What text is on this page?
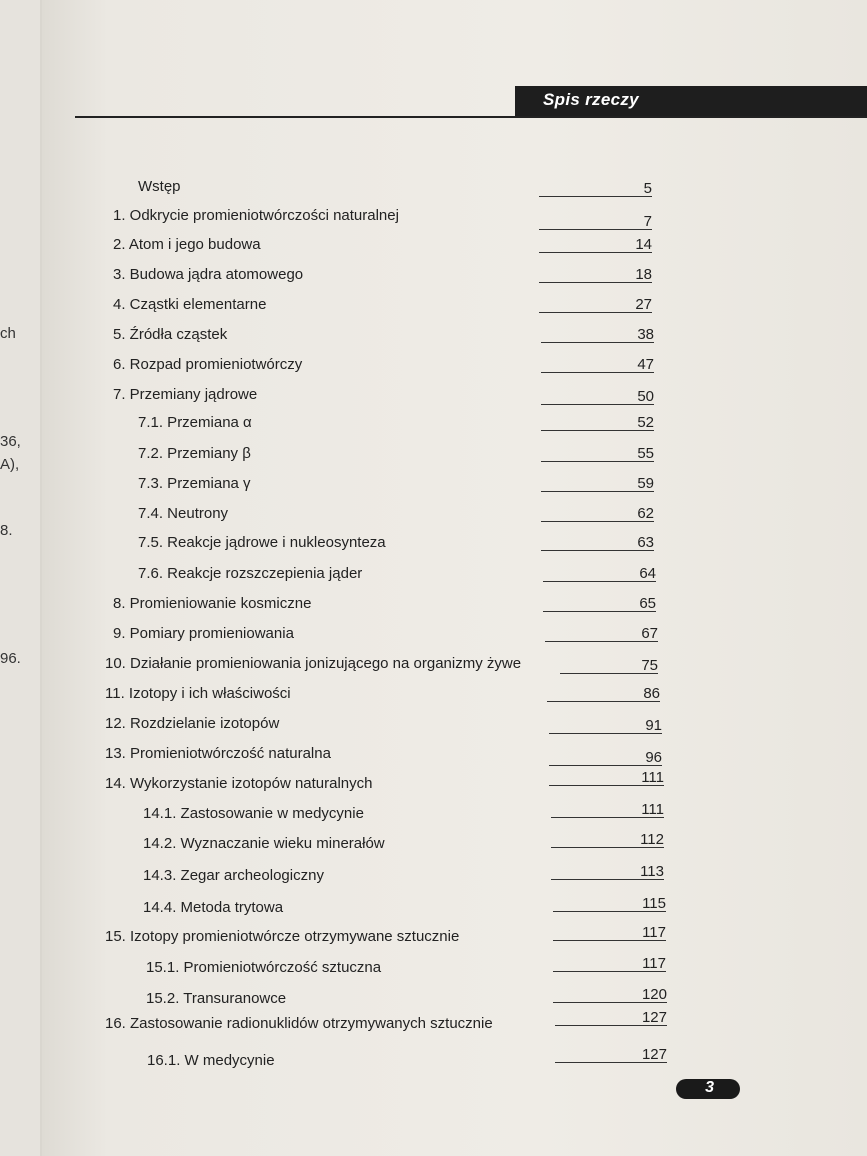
ch
36,
A),
8.
96.
Spis rzeczy
Wstęp	5
1. Odkrycie promieniotwórczości naturalnej	7
2. Atom i jego budowa	14
3. Budowa jądra atomowego	18
4. Cząstki elementarne	27
5. Źródła cząstek	38
6. Rozpad promieniotwórczy	47
7. Przemiany jądrowe	50
7.1. Przemiana α	52
7.2. Przemiany β	55
7.3. Przemiana γ	59
7.4. Neutrony	62
7.5. Reakcje jądrowe i nukleosynteza	63
7.6. Reakcje rozszczepienia jąder	64
8. Promieniowanie kosmiczne	65
9. Pomiary promieniowania	67
10. Działanie promieniowania jonizującego na organizmy żywe	75
11. Izotopy i ich właściwości	86
12. Rozdzielanie izotopów	91
13. Promieniotwórczość naturalna	96
14. Wykorzystanie izotopów naturalnych	111
14.1. Zastosowanie w medycynie	111
14.2. Wyznaczanie wieku minerałów	112
14.3. Zegar archeologiczny	113
14.4. Metoda trytowa	115
15. Izotopy promieniotwórcze otrzymywane sztucznie	117
15.1. Promieniotwórczość sztuczna	117
15.2. Transuranowce	120
16. Zastosowanie radionuklidów otrzymywanych sztucznie	127
16.1. W medycynie	127
3
